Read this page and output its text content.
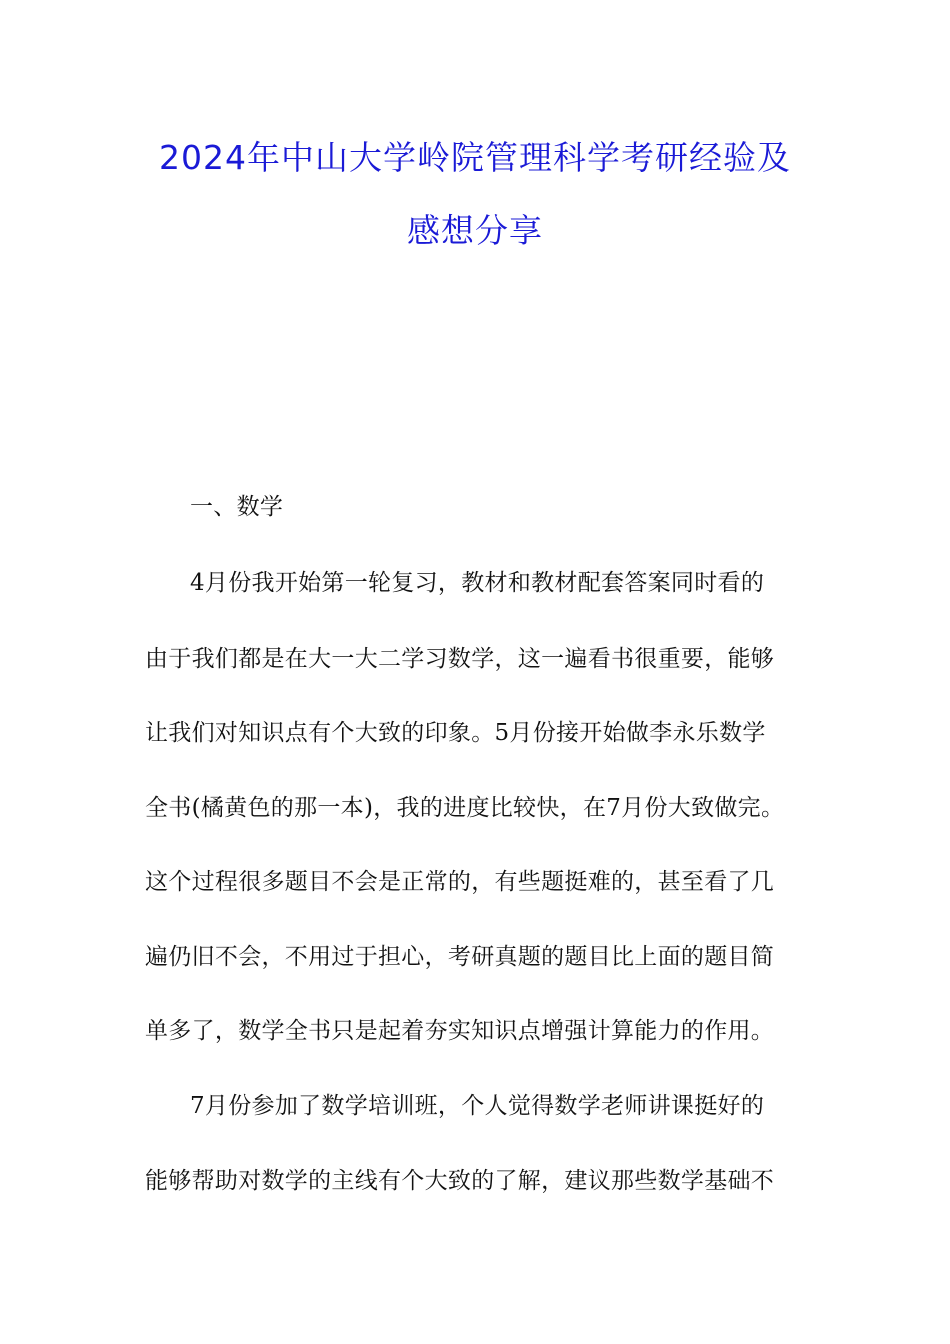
2024年中山大学岭院管理科学考研经验及
感想分享
一、数学
4月份我开始第一轮复习，教材和教材配套答案同时看的
由于我们都是在大一大二学习数学，这一遍看书很重要，能够
让我们对知识点有个大致的印象。5月份接开始做李永乐数学
全书(橘黄色的那一本)，我的进度比较快，在7月份大致做完。
这个过程很多题目不会是正常的，有些题挺难的，甚至看了几
遍仍旧不会，不用过于担心，考研真题的题目比上面的题目简
单多了，数学全书只是起着夯实知识点增强计算能力的作用。
7月份参加了数学培训班，个人觉得数学老师讲课挺好的
能够帮助对数学的主线有个大致的了解，建议那些数学基础不
